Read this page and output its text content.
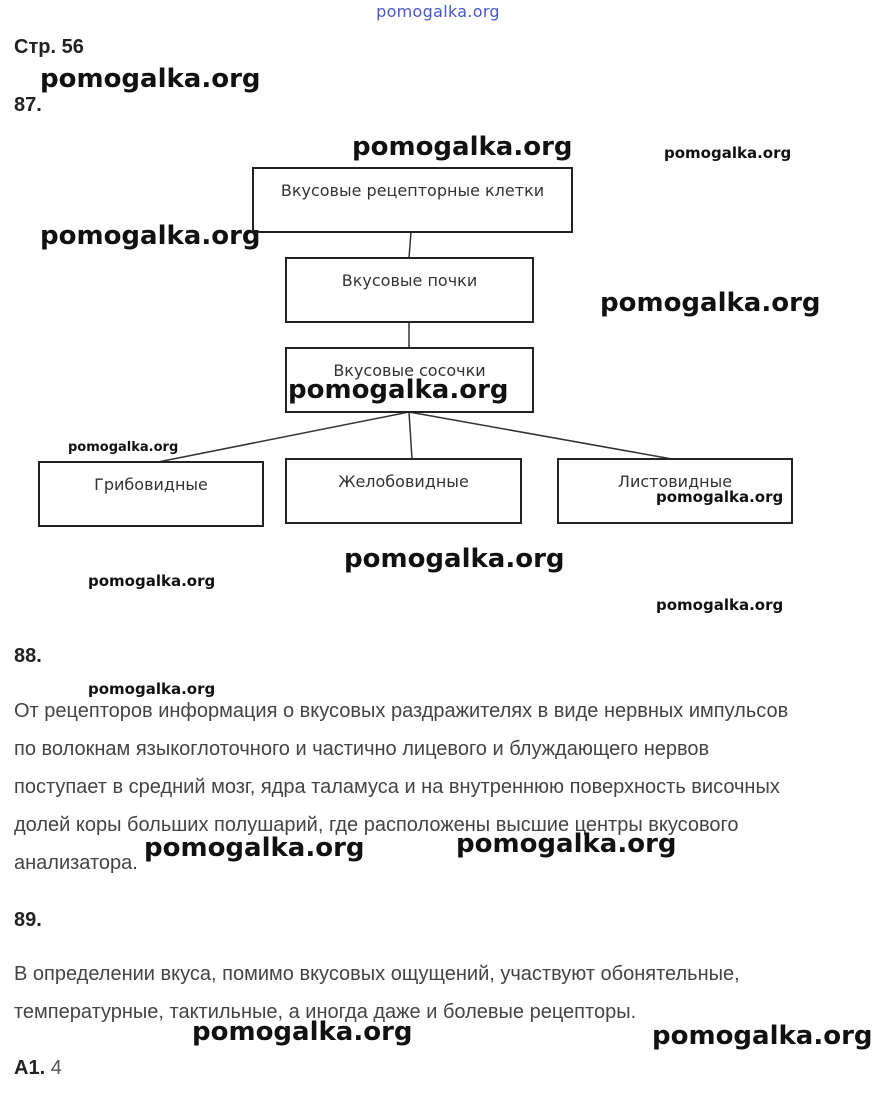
pomogalka.org
Стр. 56
87.
Вкусовые рецепторные клетки
Вкусовые почки
Вкусовые сосочки
Грибовидные	Желобовидные	Листовидные
88.
От рецепторов информация о вкусовых раздражителях в виде нервных импульсов
по волокнам языкоглоточного и частично лицевого и блуждающего нервов
поступает в средний мозг, ядра таламуса и на внутреннюю поверхность височных
долей коры больших полушарий, где расположены высшие центры вкусового
анализатора.
89.
В определении вкуса, помимо вкусовых ощущений, участвуют обонятельные,
температурные, тактильные, а иногда даже и болевые рецепторы.
А1. 4
pomogalka.org
pomogalka.org	pomogalka.org
pomogalka.org
pomogalka.org
pomogalka.org
pomogalka.org
pomogalka.org
pomogalka.org
pomogalka.org
pomogalka.org
pomogalka.org
pomogalka.org	pomogalka.org
pomogalka.org	pomogalka.org
